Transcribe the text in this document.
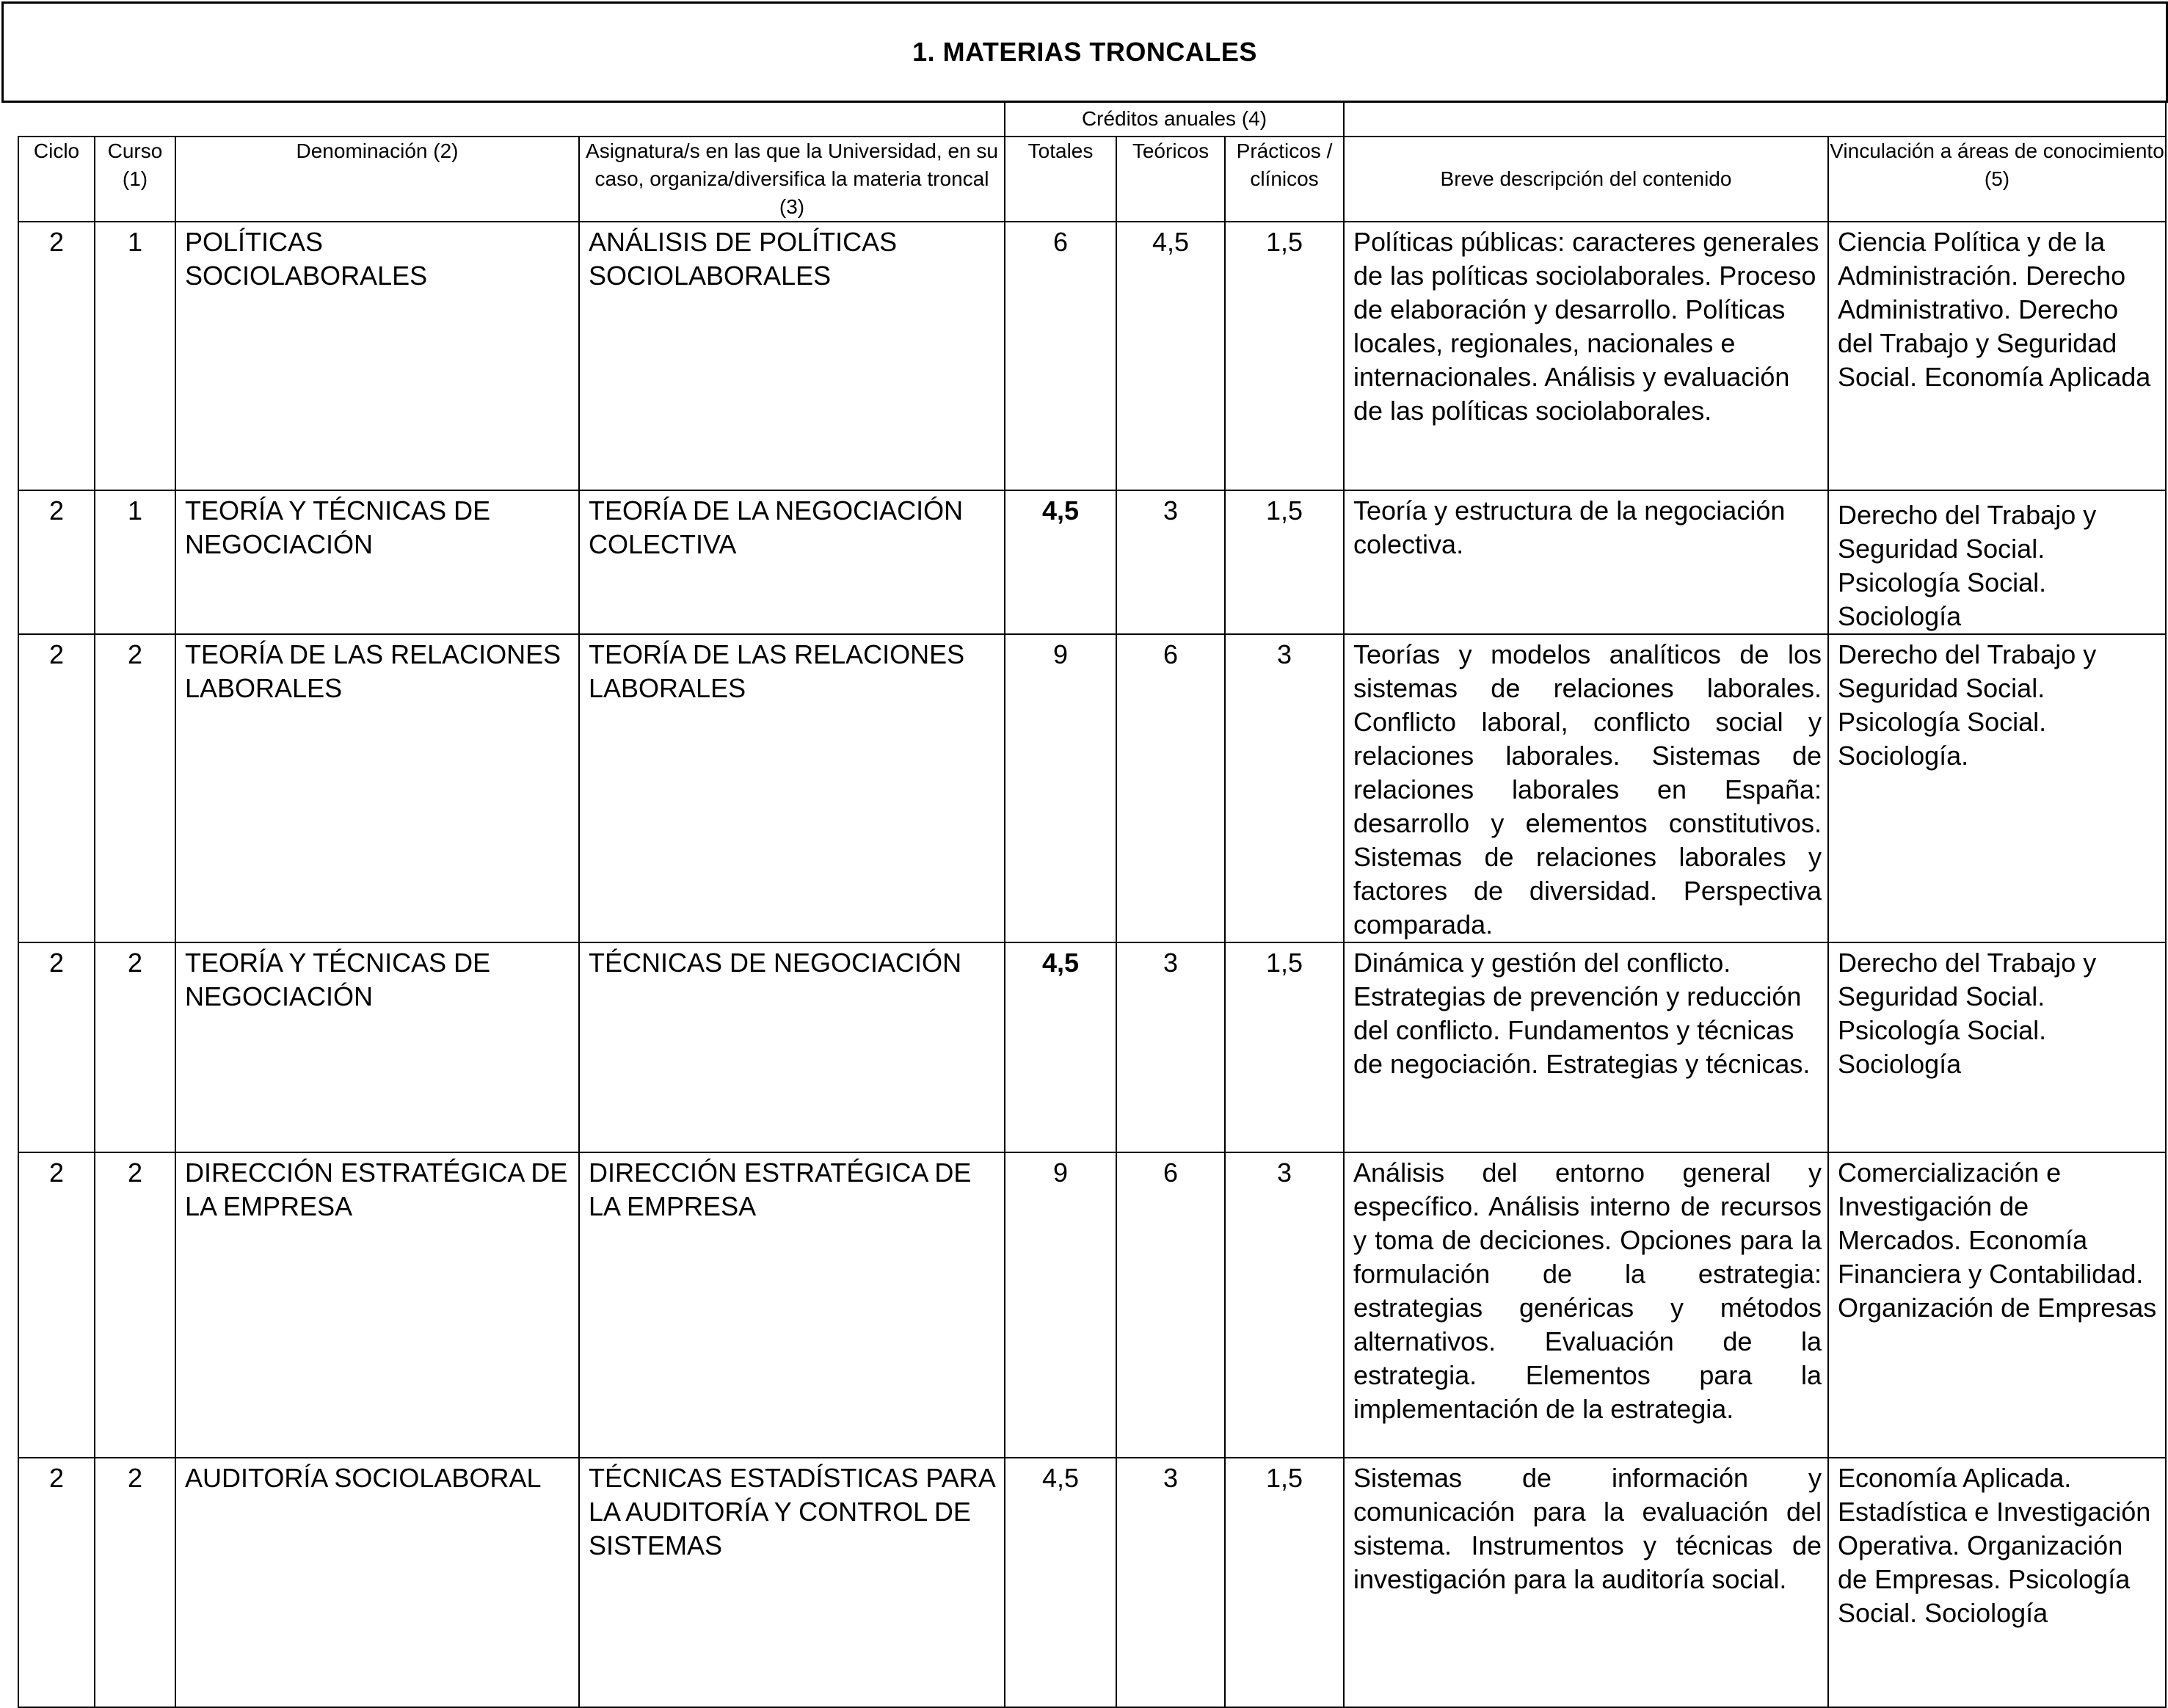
1. MATERIAS TRONCALES
				Créditos anuales (4)				
Ciclo	Curso (1)	Denominación (2)	Asignatura/s en las que la Universidad, en su caso, organiza/diversifica la materia troncal (3)	Totales	Teóricos	Prácticos / clínicos	Breve descripción del contenido	Vinculación a áreas de conocimiento (5)
2	1	POLÍTICAS SOCIOLABORALES	ANÁLISIS DE POLÍTICAS SOCIOLABORALES	6	4,5	1,5	Políticas públicas: caracteres generales de las políticas sociolaborales. Proceso de elaboración y desarrollo. Políticas locales, regionales, nacionales e internacionales. Análisis y evaluación de las políticas sociolaborales.	Ciencia Política y de la Administración. Derecho Administrativo. Derecho del Trabajo y Seguridad Social. Economía Aplicada
2	1	TEORÍA Y TÉCNICAS DE NEGOCIACIÓN	TEORÍA DE LA NEGOCIACIÓN COLECTIVA	4,5	3	1,5	Teoría y estructura de la negociación colectiva.	Derecho del Trabajo y Seguridad Social. Psicología Social. Sociología
2	2	TEORÍA DE LAS RELACIONES LABORALES	TEORÍA DE LAS RELACIONES LABORALES	9	6	3	Teorías y modelos analíticos de los sistemas de relaciones laborales. Conflicto laboral, conflicto social y relaciones laborales. Sistemas de relaciones laborales en España: desarrollo y elementos constitutivos. Sistemas de relaciones laborales y factores de diversidad. Perspectiva comparada.	Derecho del Trabajo y Seguridad Social. Psicología Social. Sociología.
2	2	TEORÍA Y TÉCNICAS DE NEGOCIACIÓN	TÉCNICAS DE NEGOCIACIÓN	4,5	3	1,5	Dinámica y gestión del conflicto. Estrategias de prevención y reducción del conflicto. Fundamentos y técnicas de negociación. Estrategias y técnicas.	Derecho del Trabajo y Seguridad Social. Psicología Social. Sociología
2	2	DIRECCIÓN ESTRATÉGICA DE LA EMPRESA	DIRECCIÓN ESTRATÉGICA DE LA EMPRESA	9	6	3	Análisis del entorno general y específico. Análisis interno de recursos y toma de deciciones. Opciones para la formulación de la estrategia: estrategias genéricas y métodos alternativos. Evaluación de la estrategia. Elementos para la implementación de la estrategia.	Comercialización e Investigación de Mercados. Economía Financiera y Contabilidad. Organización de Empresas
2	2	AUDITORÍA SOCIOLABORAL	TÉCNICAS ESTADÍSTICAS PARA LA AUDITORÍA Y CONTROL DE SISTEMAS	4,5	3	1,5	Sistemas de información y comunicación para la evaluación del sistema. Instrumentos y técnicas de investigación para la auditoría social.	Economía Aplicada. Estadística e Investigación Operativa. Organización de Empresas. Psicología Social. Sociología
